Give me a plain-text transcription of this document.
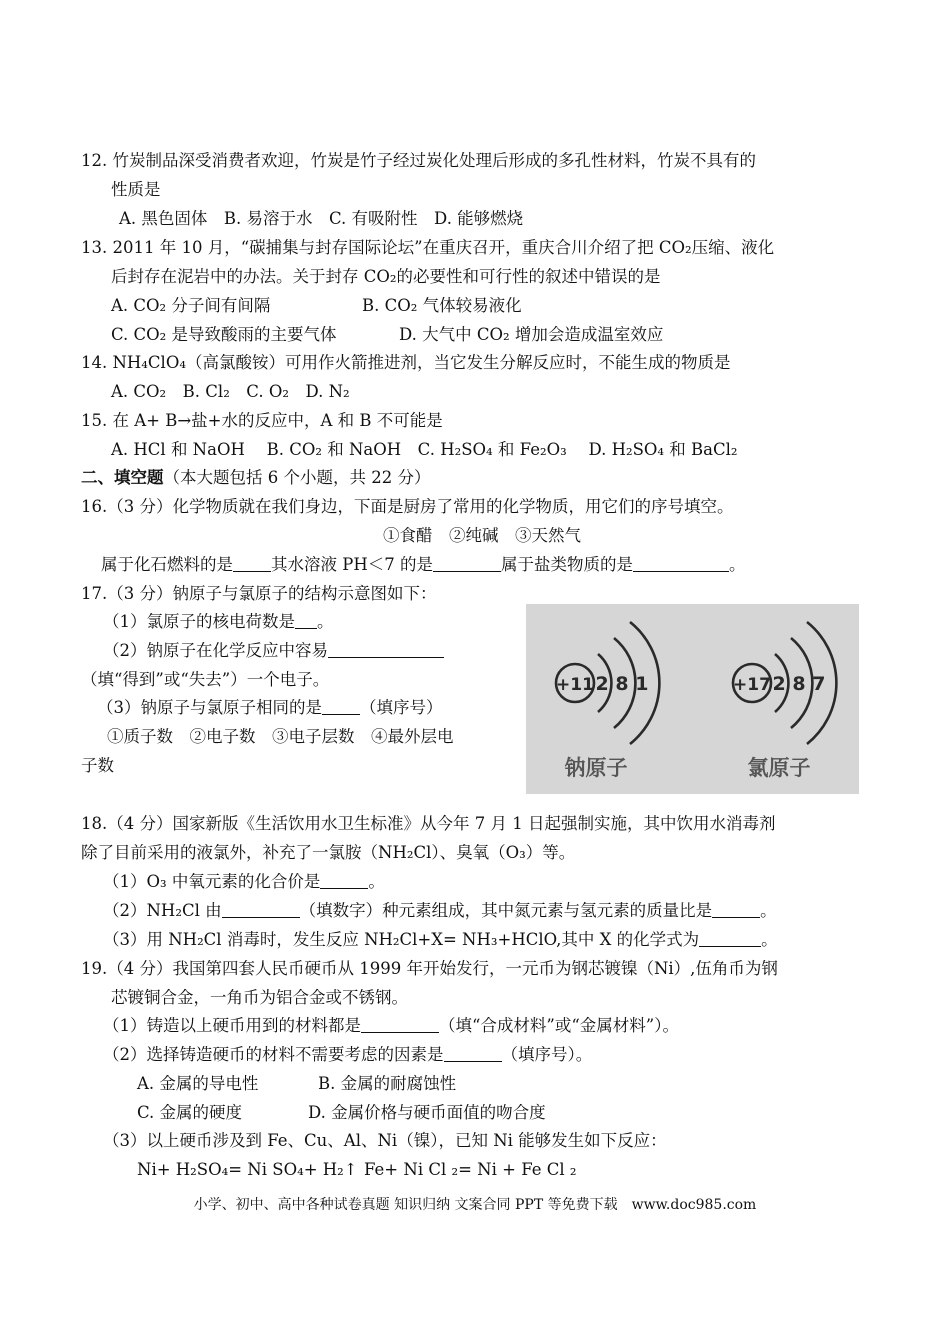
12. 竹炭制品深受消费者欢迎，竹炭是竹子经过炭化处理后形成的多孔性材料，竹炭不具有的
性质是
A. 黑色固体　B. 易溶于水　C. 有吸附性　D. 能够燃烧
13. 2011 年 10 月，“碳捕集与封存国际论坛”在重庆召开，重庆合川介绍了把 CO₂压缩、液化
后封存在泥岩中的办法。关于封存 CO₂的必要性和可行性的叙述中错误的是
A. CO₂ 分子间有间隔	B. CO₂ 气体较易液化
C. CO₂ 是导致酸雨的主要气体	D. 大气中 CO₂ 增加会造成温室效应
14. NH₄ClO₄（高氯酸铵）可用作火箭推进剂，当它发生分解反应时，不能生成的物质是
A. CO₂　B. Cl₂　C. O₂　D. N₂
15. 在 A+ B→盐+水的反应中，A 和 B 不可能是
A. HCl 和 NaOH　 B. CO₂ 和 NaOH　C. H₂SO₄ 和 Fe₂O₃　 D. H₂SO₄ 和 BaCl₂
二、填空题（本大题包括 6 个小题，共 22 分）
16.（3 分）化学物质就在我们身边，下面是厨房了常用的化学物质，用它们的序号填空。
①食醋　②纯碱　③天然气
属于化石燃料的是 其水溶液 PH＜7 的是	属于盐类物质的是	。
17.（3 分）钠原子与氯原子的结构示意图如下：
（1）氯原子的核电荷数是 。
（2）钠原子在化学反应中容易
（填“得到”或“失去”）一个电子。
（3）钠原子与氯原子相同的是 （填序号）
①质子数　②电子数　③电子层数　④最外层电
子数
+11 2 8 1	+17 2 8 7
钠原子	氯原子
18.（4 分）国家新版《生活饮用水卫生标准》从今年 7 月 1 日起强制实施，其中饮用水消毒剂
除了目前采用的液氯外，补充了一氯胺（NH₂Cl）、臭氧（O₃）等。
（1）O₃ 中氧元素的化合价是	。
（2）NH₂Cl 由	（填数字）种元素组成，其中氮元素与氢元素的质量比是	。
（3）用 NH₂Cl 消毒时，发生反应 NH₂Cl+X= NH₃+HClO,其中 X 的化学式为	。
19.（4 分）我国第四套人民币硬币从 1999 年开始发行，一元币为钢芯镀镍（Ni）,伍角币为钢
芯镀铜合金，一角币为铝合金或不锈钢。
（1）铸造以上硬币用到的材料都是	（填“合成材料”或“金属材料”）。
（2）选择铸造硬币的材料不需要考虑的因素是	（填序号）。
A. 金属的导电性	B. 金属的耐腐蚀性
C. 金属的硬度	D. 金属价格与硬币面值的吻合度
（3）以上硬币涉及到 Fe、Cu、Al、Ni（镍），已知 Ni 能够发生如下反应：
Ni+ H₂SO₄= Ni SO₄+ H₂↑ Fe+ Ni Cl ₂= Ni + Fe Cl ₂
小学、初中、高中各种试卷真题 知识归纳 文案合同 PPT 等免费下载　www.doc985.com
